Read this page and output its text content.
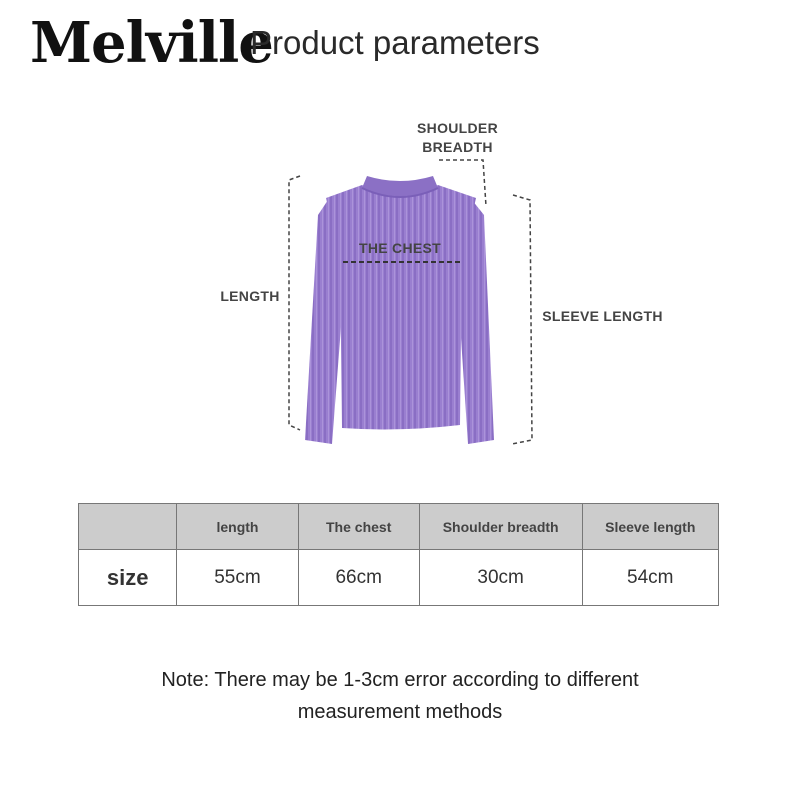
Melville
Product parameters
SHOULDER
BREADTH
THE CHEST
LENGTH
SLEEVE LENGTH
	length	The chest	Shoulder breadth	Sleeve length
size	55cm	66cm	30cm	54cm
Note: There may be 1-3cm error according to different
measurement methods
